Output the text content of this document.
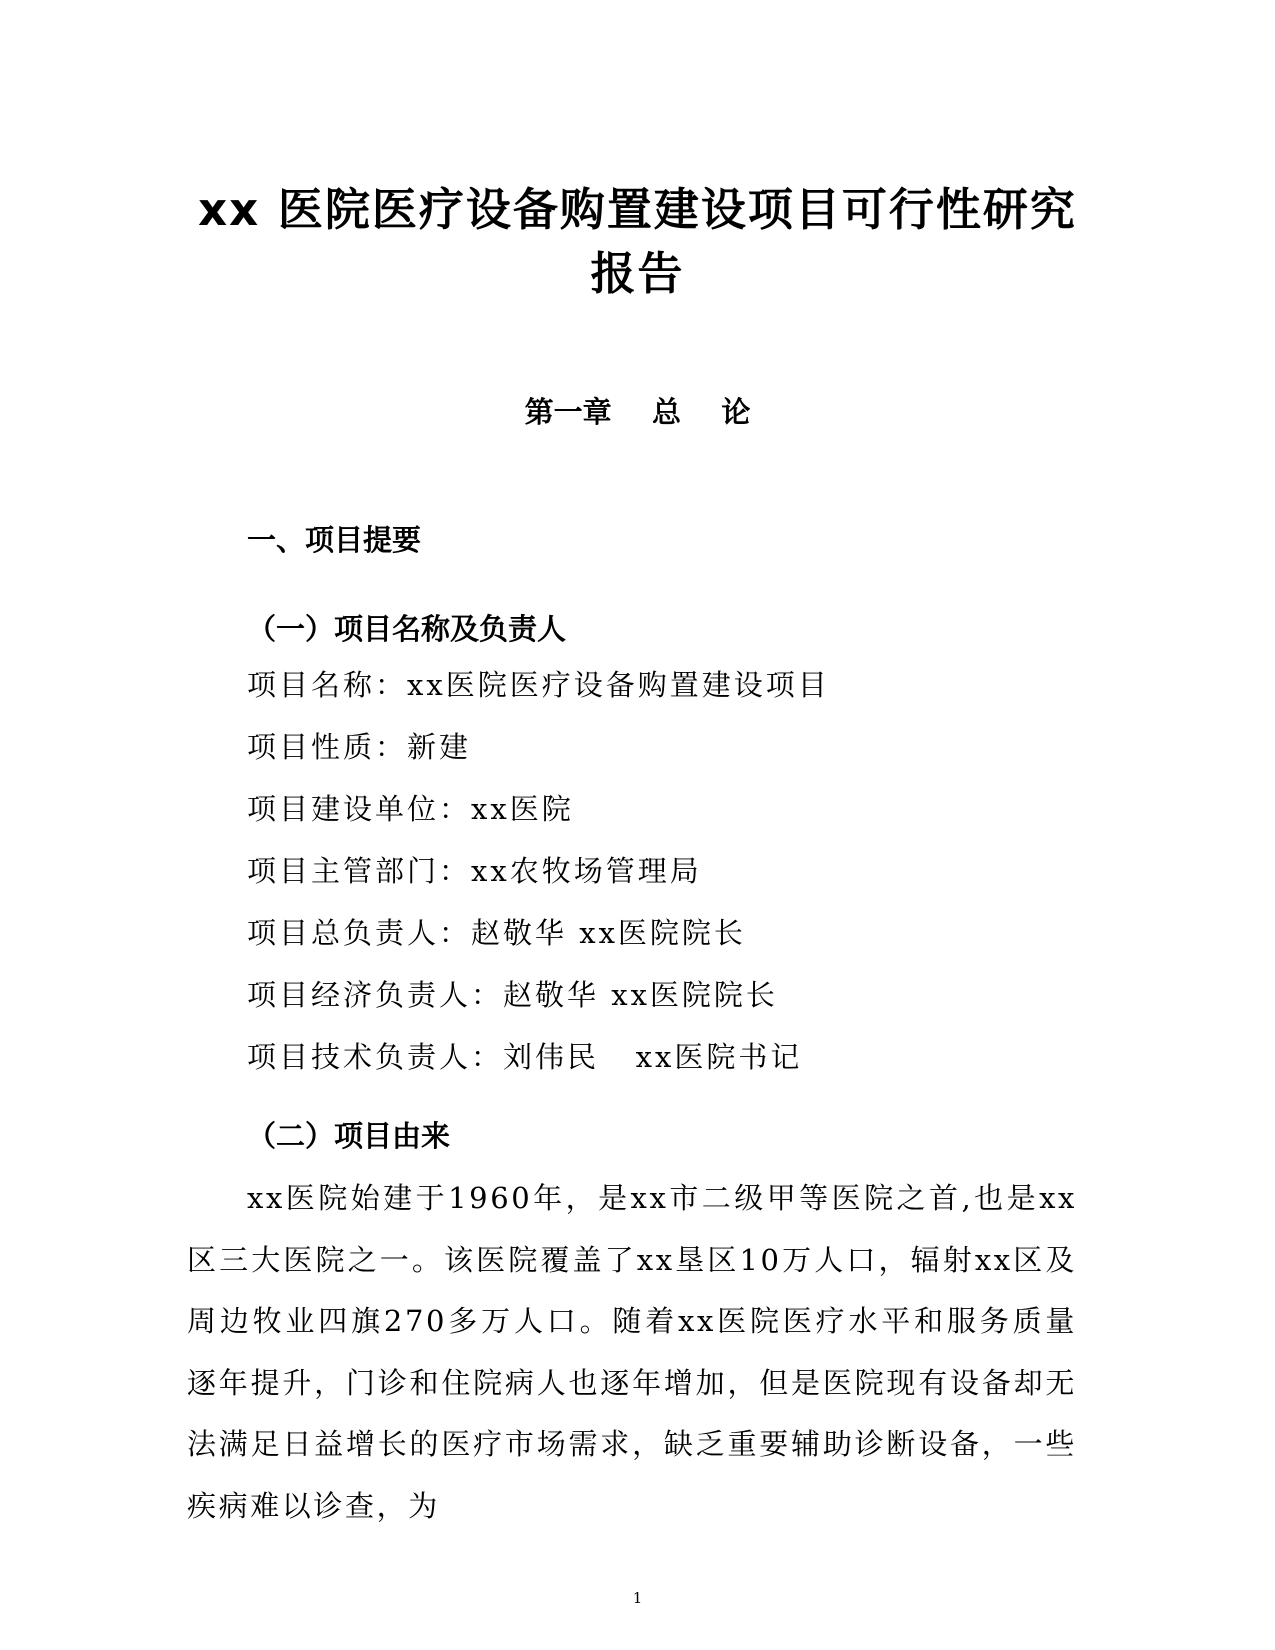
xx 医院医疗设备购置建设项目可行性研究报告
第一章    总    论
一、项目提要
（一）项目名称及负责人
项目名称：xx医院医疗设备购置建设项目
项目性质：新建
项目建设单位：xx医院
项目主管部门：xx农牧场管理局
项目总负责人：赵敬华 xx医院院长
项目经济负责人：赵敬华 xx医院院长
项目技术负责人：刘伟民   xx医院书记
（二）项目由来

xx医院始建于1960年，是xx市二级甲等医院之首,也是xx区三大医院之一。该医院覆盖了xx垦区10万人口，辐射xx区及周边牧业四旗270多万人口。随着xx医院医疗水平和服务质量逐年提升，门诊和住院病人也逐年增加，但是医院现有设备却无法满足日益增长的医疗市场需求，缺乏重要辅助诊断设备，一些疾病难以诊查，为

1
